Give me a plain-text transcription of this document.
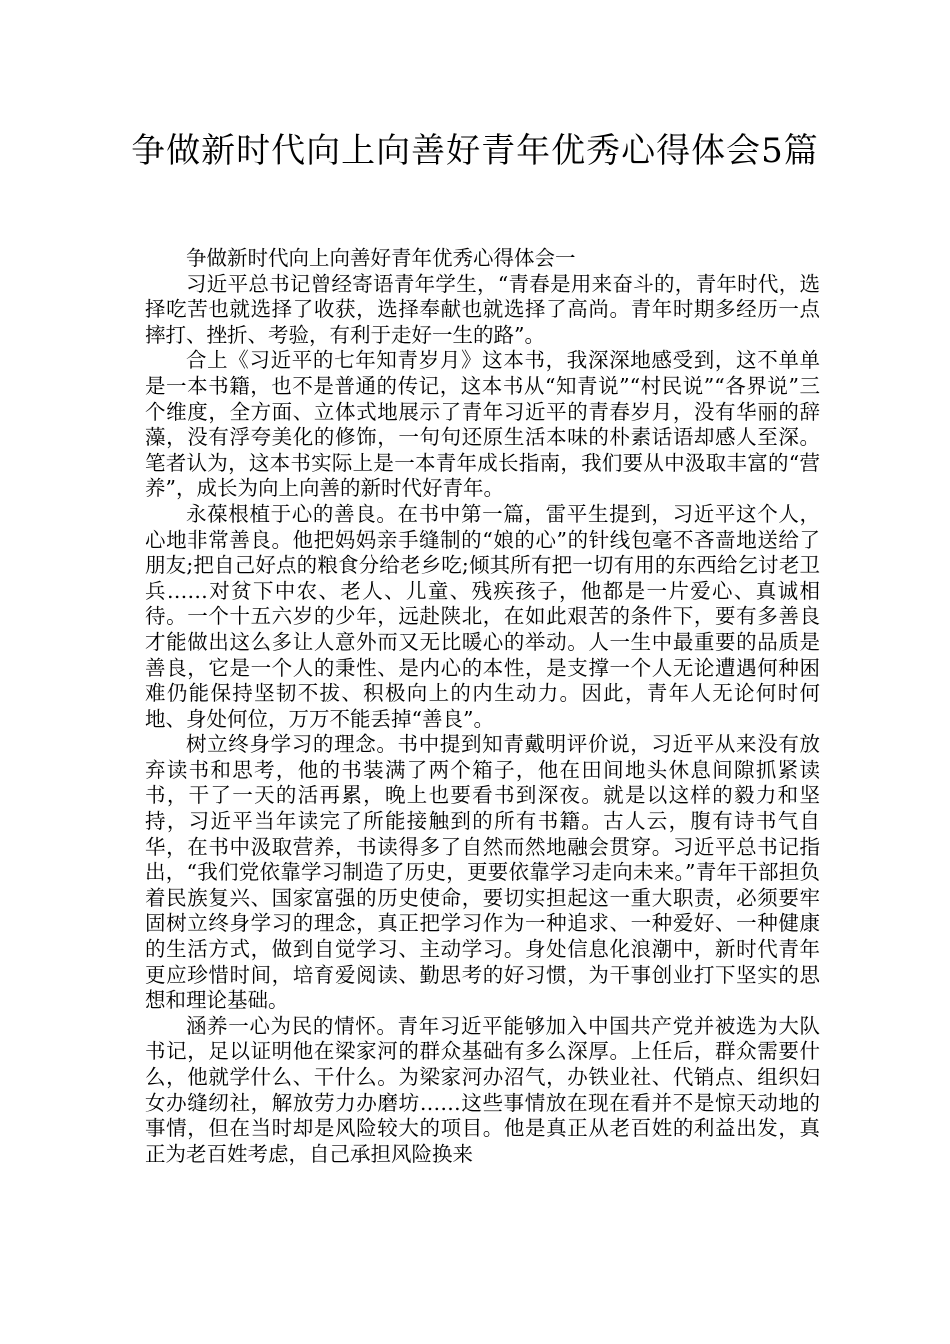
争做新时代向上向善好青年优秀心得体会5篇

争做新时代向上向善好青年优秀心得体会一

习近平总书记曾经寄语青年学生，“青春是用来奋斗的，青年时代，选择吃苦也就选择了收获，选择奉献也就选择了高尚。青年时期多经历一点摔打、挫折、考验，有利于走好一生的路”。

合上《习近平的七年知青岁月》这本书，我深深地感受到，这不单单是一本书籍，也不是普通的传记，这本书从“知青说”“村民说”“各界说”三个维度，全方面、立体式地展示了青年习近平的青春岁月，没有华丽的辞藻，没有浮夸美化的修饰，一句句还原生活本味的朴素话语却感人至深。笔者认为，这本书实际上是一本青年成长指南，我们要从中汲取丰富的“营养”，成长为向上向善的新时代好青年。

永葆根植于心的善良。在书中第一篇，雷平生提到，习近平这个人，心地非常善良。他把妈妈亲手缝制的“娘的心”的针线包毫不吝啬地送给了朋友;把自己好点的粮食分给老乡吃;倾其所有把一切有用的东西给乞讨老卫兵……对贫下中农、老人、儿童、残疾孩子，他都是一片爱心、真诚相待。一个十五六岁的少年，远赴陕北，在如此艰苦的条件下，要有多善良才能做出这么多让人意外而又无比暖心的举动。人一生中最重要的品质是善良，它是一个人的秉性、是内心的本性，是支撑一个人无论遭遇何种困难仍能保持坚韧不拔、积极向上的内生动力。因此，青年人无论何时何地、身处何位，万万不能丢掉“善良”。

树立终身学习的理念。书中提到知青戴明评价说，习近平从来没有放弃读书和思考，他的书装满了两个箱子，他在田间地头休息间隙抓紧读书，干了一天的活再累，晚上也要看书到深夜。就是以这样的毅力和坚持，习近平当年读完了所能接触到的所有书籍。古人云，腹有诗书气自华，在书中汲取营养，书读得多了自然而然地融会贯穿。习近平总书记指出，“我们党依靠学习制造了历史，更要依靠学习走向未来。”青年干部担负着民族复兴、国家富强的历史使命，要切实担起这一重大职责，必须要牢固树立终身学习的理念，真正把学习作为一种追求、一种爱好、一种健康的生活方式，做到自觉学习、主动学习。身处信息化浪潮中，新时代青年更应珍惜时间，培育爱阅读、勤思考的好习惯，为干事创业打下坚实的思想和理论基础。

涵养一心为民的情怀。青年习近平能够加入中国共产党并被选为大队书记，足以证明他在梁家河的群众基础有多么深厚。上任后，群众需要什么，他就学什么、干什么。为梁家河办沼气，办铁业社、代销点、组织妇女办缝纫社，解放劳力办磨坊……这些事情放在现在看并不是惊天动地的事情，但在当时却是风险较大的项目。他是真正从老百姓的利益出发，真正为老百姓考虑，自己承担风险换来
